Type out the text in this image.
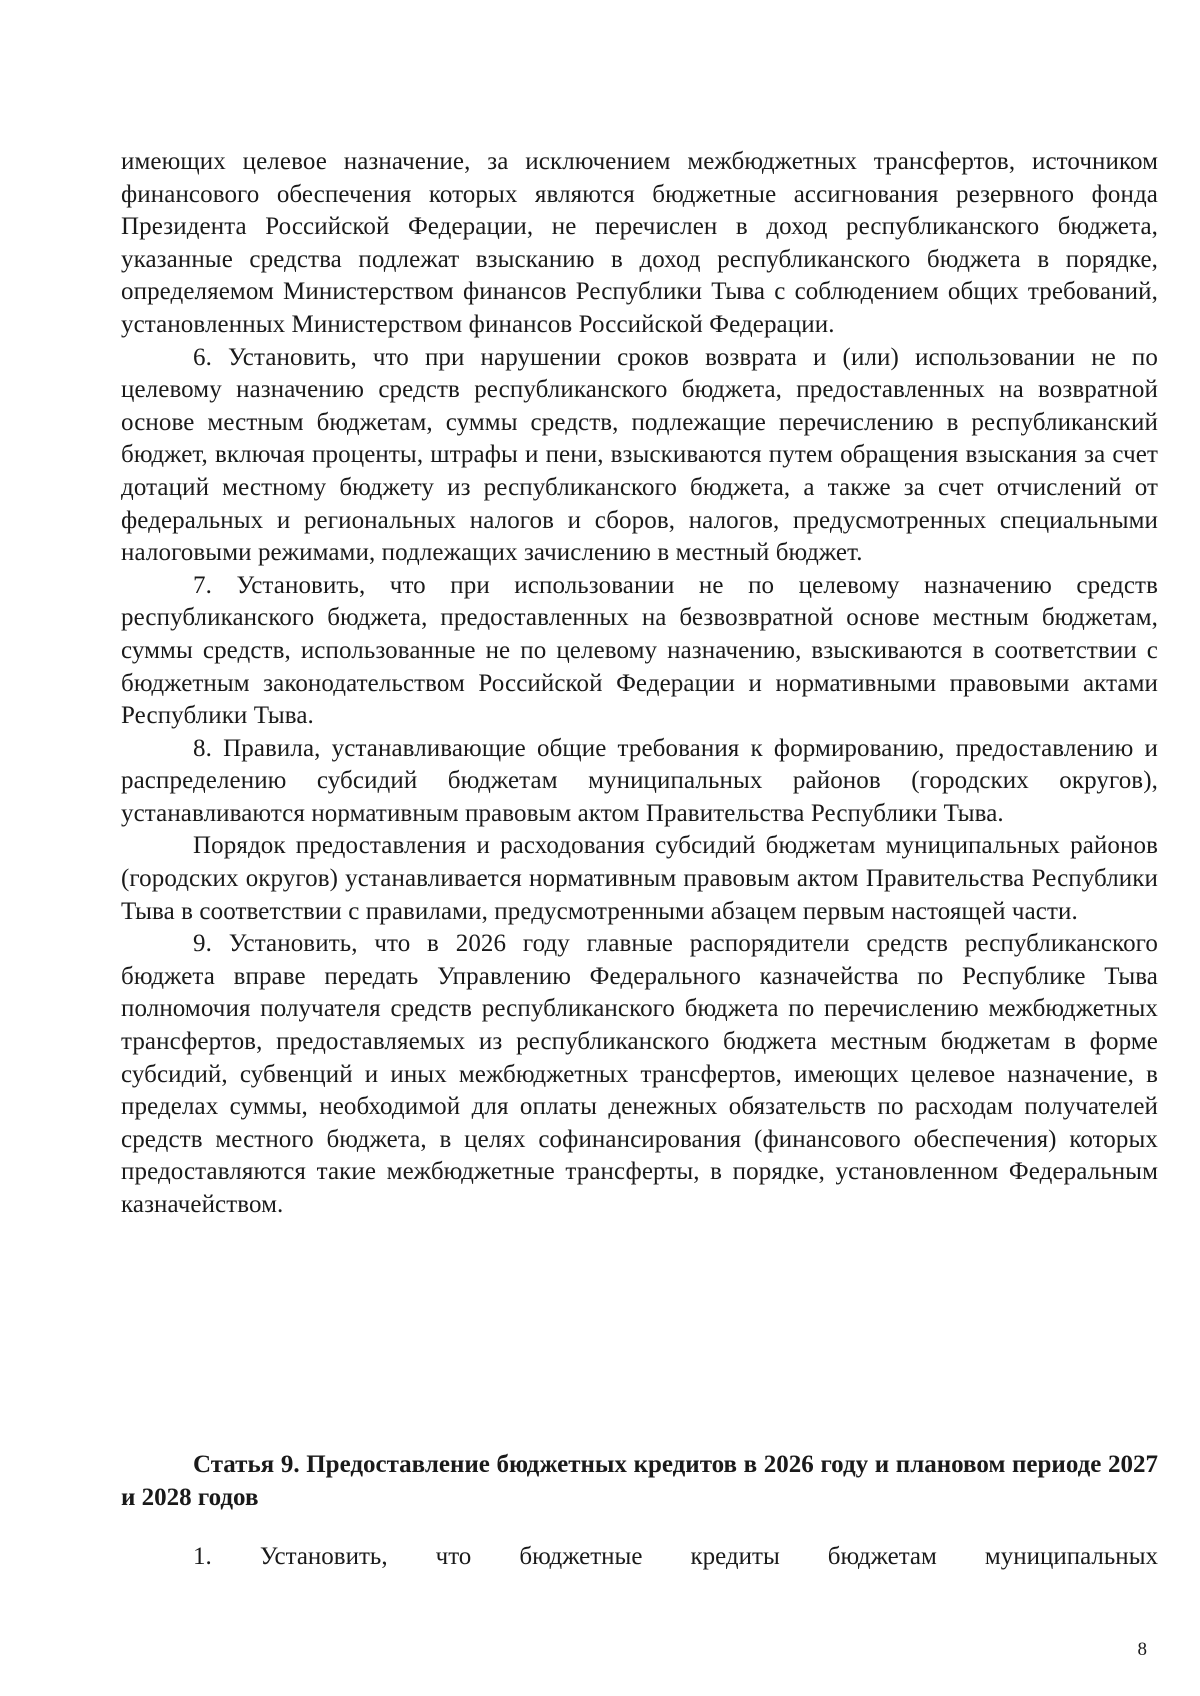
имеющих целевое назначение, за исключением межбюджетных трансфертов, источником финансового обеспечения которых являются бюджетные ассигнования резервного фонда Президента Российской Федерации, не перечислен в доход республиканского бюджета, указанные средства подлежат взысканию в доход республиканского бюджета в порядке, определяемом Министерством финансов Республики Тыва с соблюдением общих требований, установленных Министерством финансов Российской Федерации.

6. Установить, что при нарушении сроков возврата и (или) использовании не по целевому назначению средств республиканского бюджета, предоставленных на возвратной основе местным бюджетам, суммы средств, подлежащие перечислению в республиканский бюджет, включая проценты, штрафы и пени, взыскиваются путем обращения взыскания за счет дотаций местному бюджету из республиканского бюджета, а также за счет отчислений от федеральных и региональных налогов и сборов, налогов, предусмотренных специальными налоговыми режимами, подлежащих зачислению в местный бюджет.

7. Установить, что при использовании не по целевому назначению средств республиканского бюджета, предоставленных на безвозвратной основе местным бюджетам, суммы средств, использованные не по целевому назначению, взыскиваются в соответствии с бюджетным законодательством Российской Федерации и нормативными правовыми актами Республики Тыва.

8. Правила, устанавливающие общие требования к формированию, предоставлению и распределению субсидий бюджетам муниципальных районов (городских округов), устанавливаются нормативным правовым актом Правительства Республики Тыва.

Порядок предоставления и расходования субсидий бюджетам муниципальных районов (городских округов) устанавливается нормативным правовым актом Правительства Республики Тыва в соответствии с правилами, предусмотренными абзацем первым настоящей части.

9. Установить, что в 2026 году главные распорядители средств республиканского бюджета вправе передать Управлению Федерального казначейства по Республике Тыва полномочия получателя средств республиканского бюджета по перечислению межбюджетных трансфертов, предоставляемых из республиканского бюджета местным бюджетам в форме субсидий, субвенций и иных межбюджетных трансфертов, имеющих целевое назначение, в пределах суммы, необходимой для оплаты денежных обязательств по расходам получателей средств местного бюджета, в целях софинансирования (финансового обеспечения) которых предоставляются такие межбюджетные трансферты, в порядке, установленном Федеральным казначейством.

Статья 9. Предоставление бюджетных кредитов в 2026 году и плановом периоде 2027 и 2028 годов
1. Установить, что бюджетные кредиты бюджетам муниципальных
8
